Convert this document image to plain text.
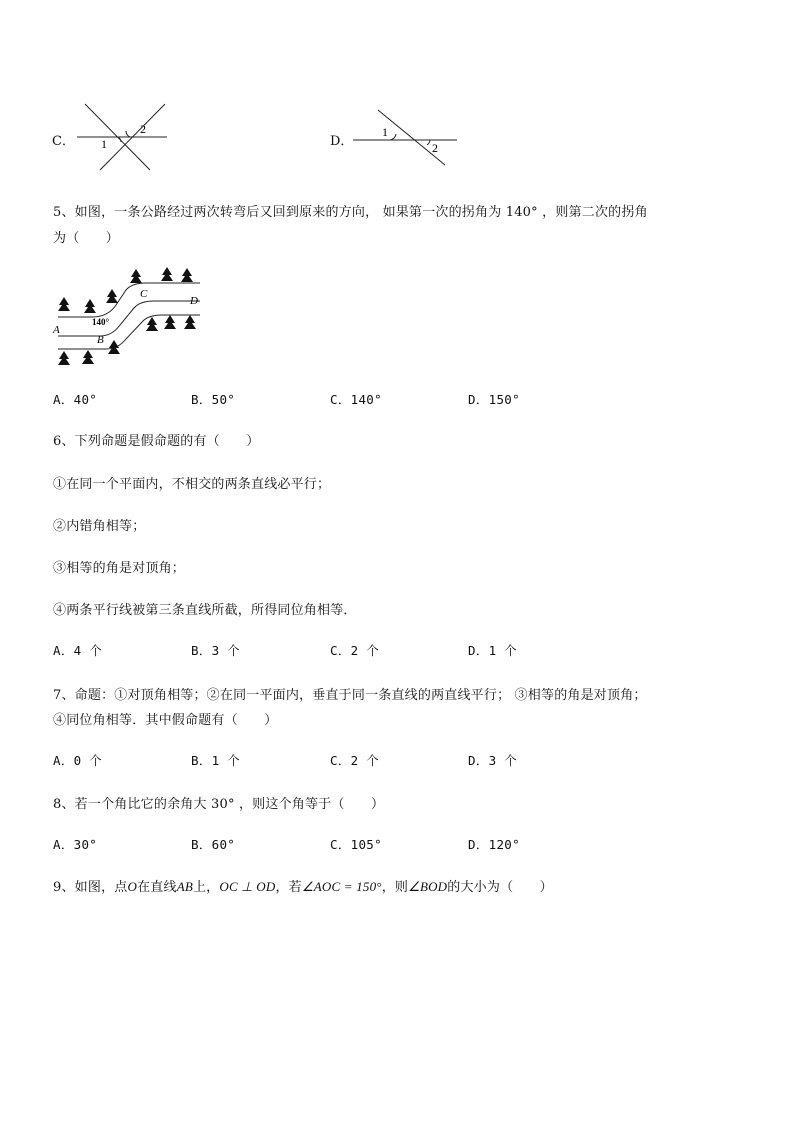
C．
2
1	D．
1
2
5、如图，一条公路经过两次转弯后又回到原来的方向， 如果第一次的拐角为 140° ，则第二次的拐角
为（　　）
A
B
C
D
140°
A．40°	B．50°	C．140°	D．150°
6、下列命题是假命题的有（　　）
①在同一个平面内，不相交的两条直线必平行；
②内错角相等；
③相等的角是对顶角；
④两条平行线被第三条直线所截，所得同位角相等．
A．4 个	B．3 个	C．2 个	D．1 个
7、命题：①对顶角相等；②在同一平面内，垂直于同一条直线的两直线平行； ③相等的角是对顶角；
④同位角相等．其中假命题有（　　）
A．0 个	B．1 个	C．2 个	D．3 个
8、若一个角比它的余角大 30° ，则这个角等于（　　）
A．30°	B．60°	C．105°	D．120°
9、如图，点O在直线AB上，OC ⊥ OD，若∠AOC = 150°，则∠BOD的大小为（　　）
